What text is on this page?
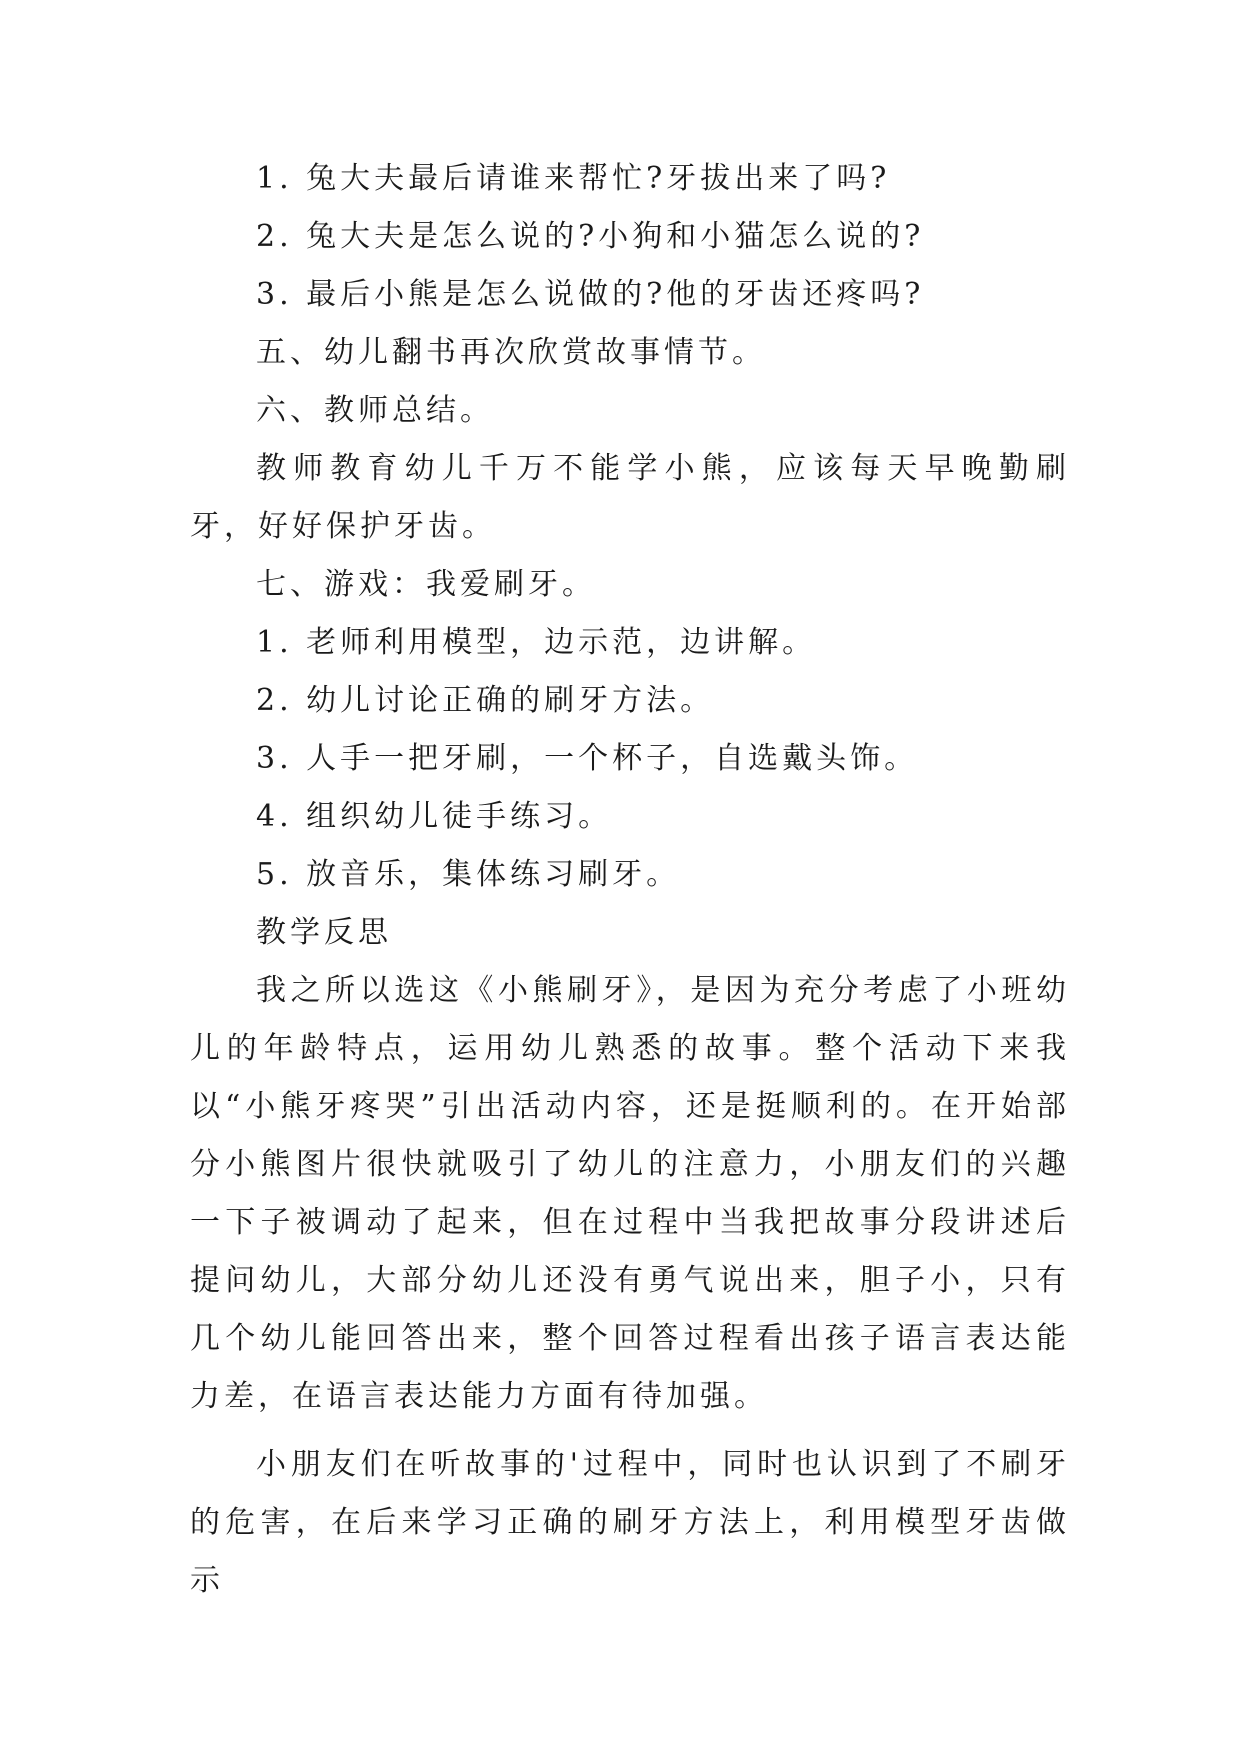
1. 兔大夫最后请谁来帮忙?牙拔出来了吗?

2. 兔大夫是怎么说的?小狗和小猫怎么说的?

3. 最后小熊是怎么说做的?他的牙齿还疼吗?

五、幼儿翻书再次欣赏故事情节。

六、教师总结。

教师教育幼儿千万不能学小熊，应该每天早晚勤刷牙，好好保护牙齿。

七、游戏：我爱刷牙。

1. 老师利用模型，边示范，边讲解。

2. 幼儿讨论正确的刷牙方法。

3. 人手一把牙刷，一个杯子，自选戴头饰。

4. 组织幼儿徒手练习。

5. 放音乐，集体练习刷牙。

教学反思

我之所以选这《小熊刷牙》，是因为充分考虑了小班幼儿的年龄特点，运用幼儿熟悉的故事。整个活动下来我以“小熊牙疼哭”引出活动内容，还是挺顺利的。在开始部分小熊图片很快就吸引了幼儿的注意力，小朋友们的兴趣一下子被调动了起来，但在过程中当我把故事分段讲述后提问幼儿，大部分幼儿还没有勇气说出来，胆子小，只有几个幼儿能回答出来，整个回答过程看出孩子语言表达能力差，在语言表达能力方面有待加强。

小朋友们在听故事的'过程中，同时也认识到了不刷牙的危害，在后来学习正确的刷牙方法上，利用模型牙齿做示
